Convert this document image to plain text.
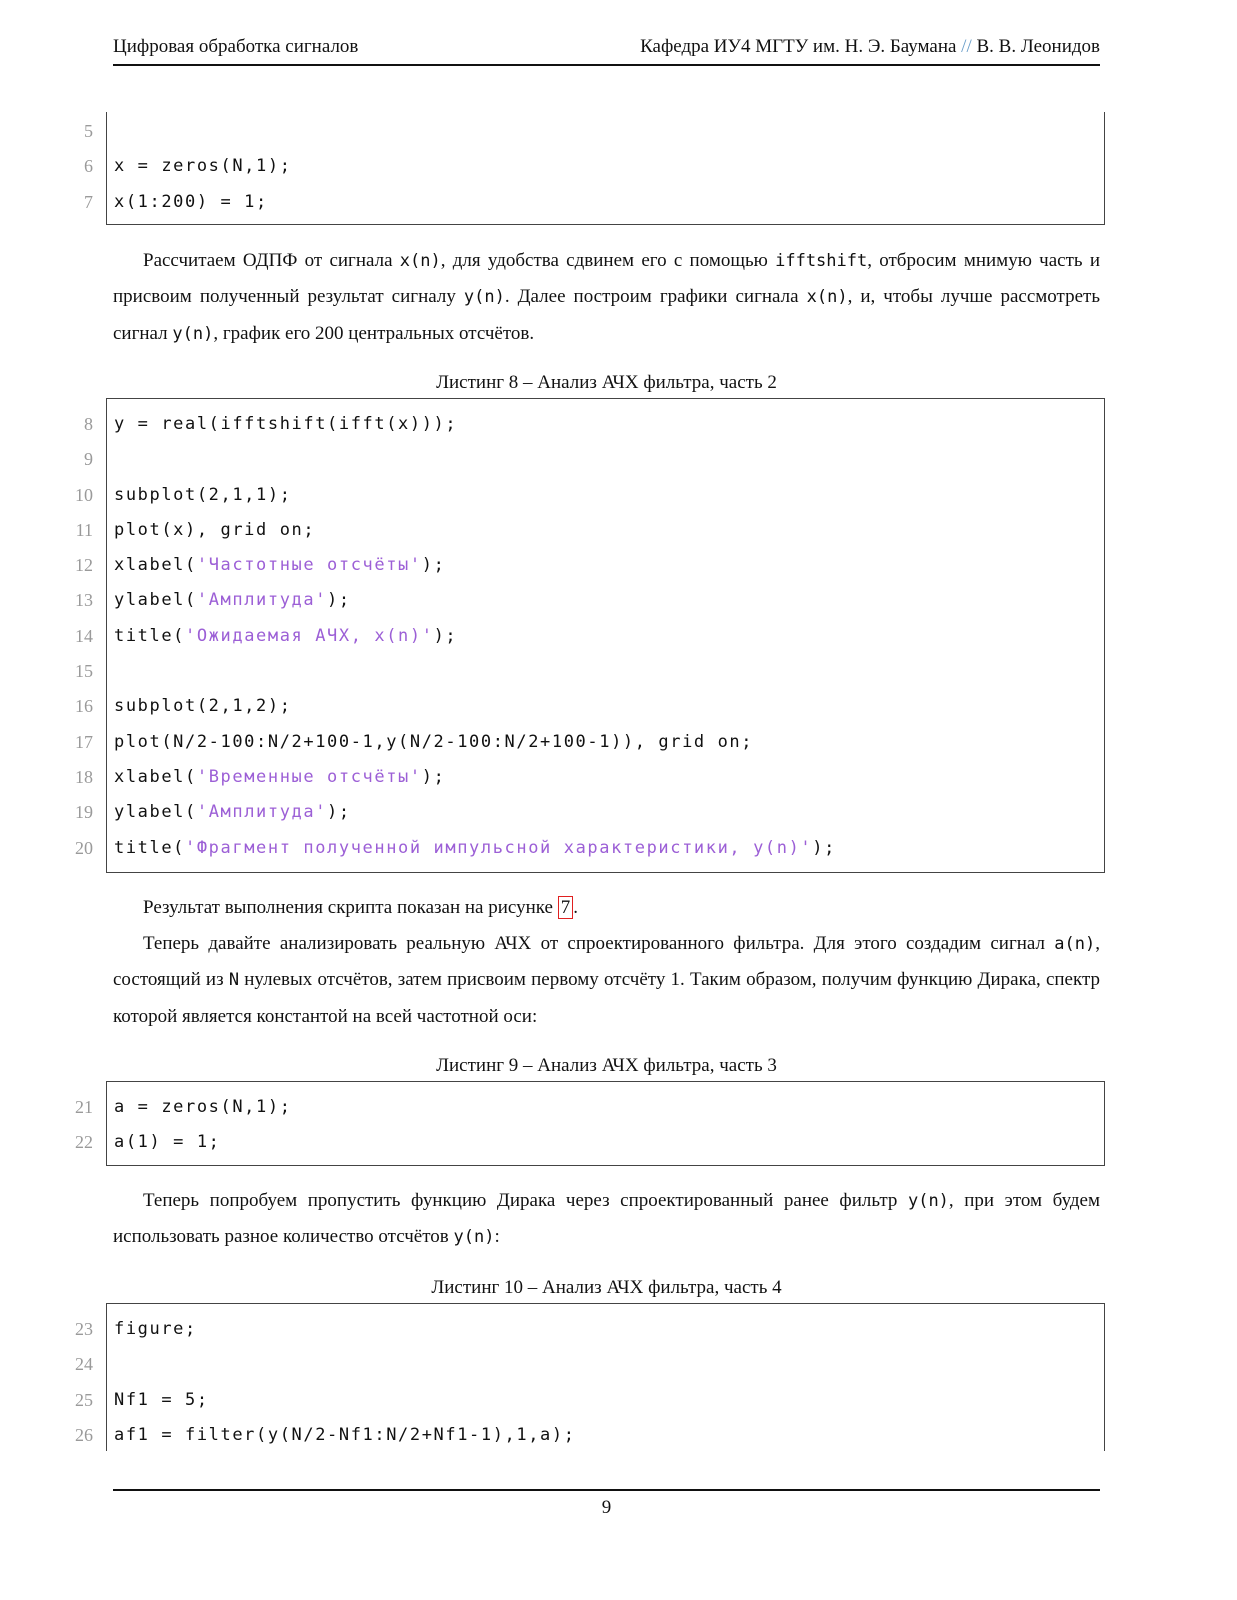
Цифровая обработка сигналов	Кафедра ИУ4 МГТУ им. Н. Э. Баумана // В. В. Леонидов
5
6 x = zeros(N,1);
7 x(1:200) = 1;
Рассчитаем ОДПФ от сигнала x(n), для удобства сдвинем его с помощью ifftshift, отбросим мнимую часть и присвоим полученный результат сигналу y(n). Далее построим графики сигнала x(n), и, чтобы лучше рассмотреть сигнал y(n), график его 200 центральных отсчётов.
Листинг 8 – Анализ АЧХ фильтра, часть 2
8 y = real(ifftshift(ifft(x)));
9
10 subplot(2,1,1);
11 plot(x), grid on;
12 xlabel('Частотные отсчёты');
13 ylabel('Амплитуда');
14 title('Ожидаемая АЧХ, x(n)');
15
16 subplot(2,1,2);
17 plot(N/2-100:N/2+100-1,y(N/2-100:N/2+100-1)), grid on;
18 xlabel('Временные отсчёты');
19 ylabel('Амплитуда');
20 title('Фрагмент полученной импульсной характеристики, y(n)');
Результат выполнения скрипта показан на рисунке 7 .
Теперь давайте анализировать реальную АЧХ от спроектированного фильтра. Для этого создадим сигнал a(n), состоящий из N нулевых отсчётов, затем присвоим первому отсчёту 1. Таким образом, получим функцию Дирака, спектр которой является константой на всей частотной оси:
Листинг 9 – Анализ АЧХ фильтра, часть 3
21 a = zeros(N,1);
22 a(1) = 1;
Теперь попробуем пропустить функцию Дирака через спроектированный ранее фильтр y(n), при этом будем использовать разное количество отсчётов y(n):
Листинг 10 – Анализ АЧХ фильтра, часть 4
23 figure;
24
25 Nf1 = 5;
26 af1 = filter(y(N/2-Nf1:N/2+Nf1-1),1,a);
9
